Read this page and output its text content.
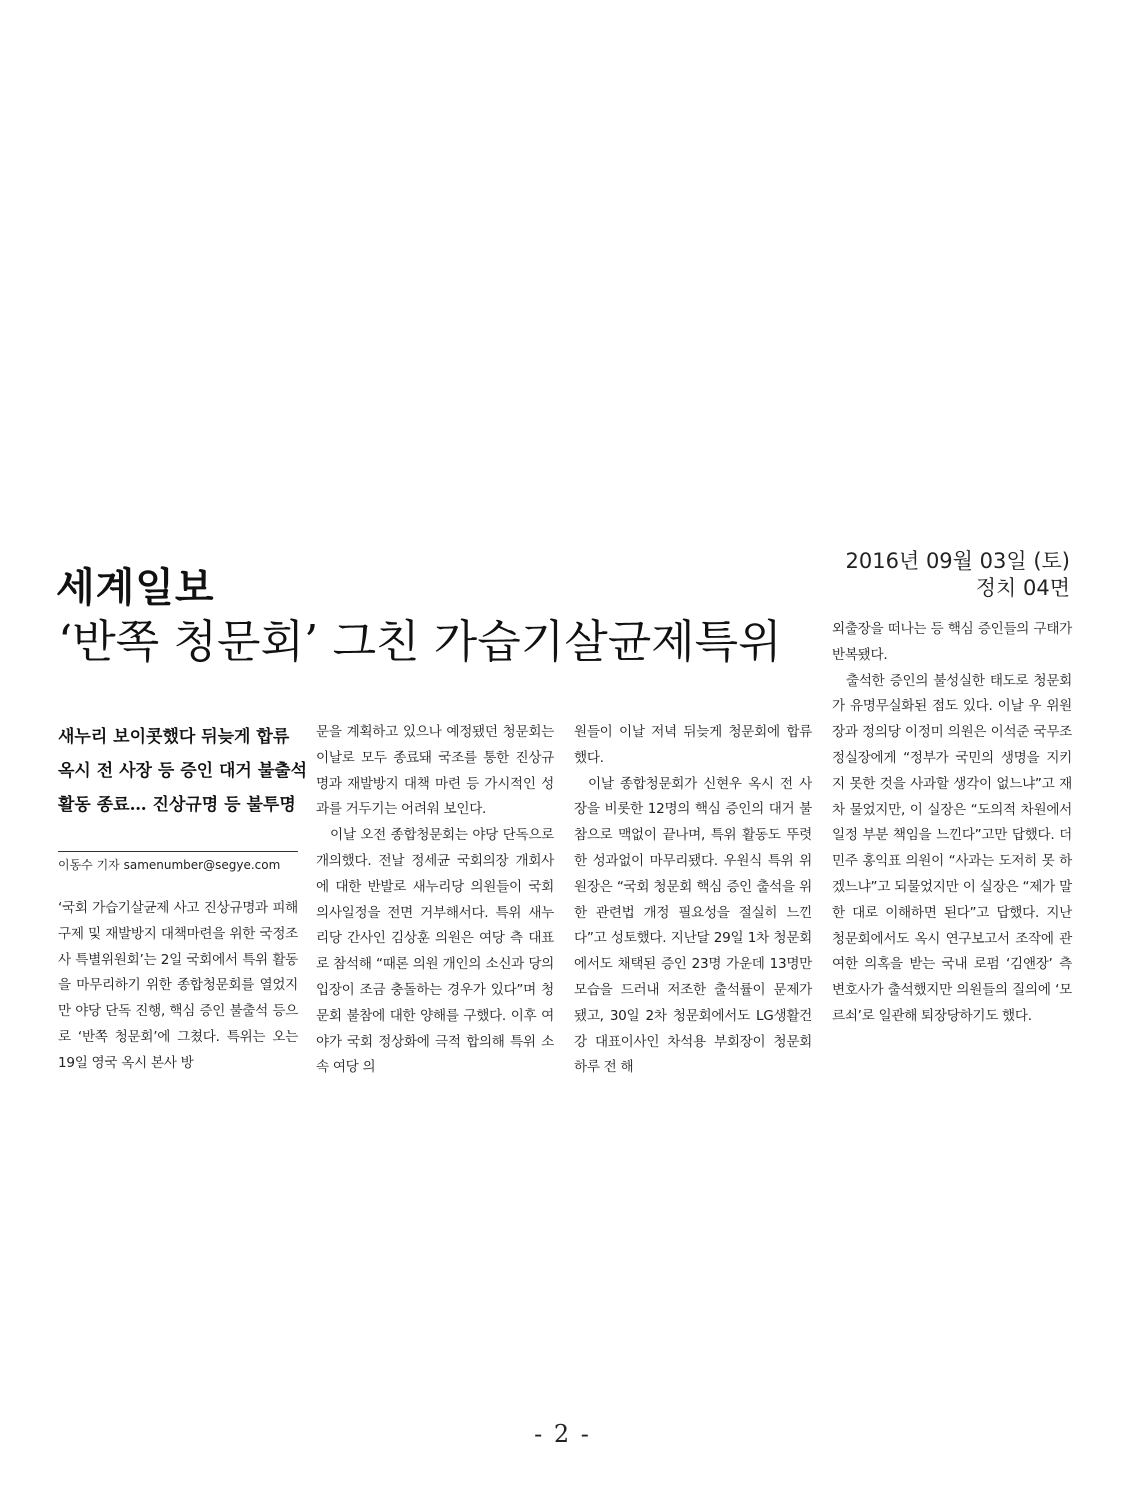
세계일보
2016년 09월 03일 (토)
정치 04면
‘반쪽 청문회’ 그친 가습기살균제특위
새누리 보이콧했다 뒤늦게 합류
옥시 전 사장 등 증인 대거 불출석
활동 종료… 진상규명 등 불투명
이동수 기자 samenumber@segye.com

‘국회 가습기살균제 사고 진상규명과 피해구제 및 재발방지 대책마련을 위한 국정조사 특별위원회’는 2일 국회에서 특위 활동을 마무리하기 위한 종합청문회를 열었지만 야당 단독 진행, 핵심 증인 불출석 등으로 ‘반쪽 청문회’에 그쳤다. 특위는 오는 19일 영국 옥시 본사 방

문을 계획하고 있으나 예정됐던 청문회는 이날로 모두 종료돼 국조를 통한 진상규명과 재발방지 대책 마련 등 가시적인 성과를 거두기는 어려워 보인다.

이날 오전 종합청문회는 야당 단독으로 개의했다. 전날 정세균 국회의장 개회사에 대한 반발로 새누리당 의원들이 국회 의사일정을 전면 거부해서다. 특위 새누리당 간사인 김상훈 의원은 여당 측 대표로 참석해 “때론 의원 개인의 소신과 당의 입장이 조금 충돌하는 경우가 있다”며 청문회 불참에 대한 양해를 구했다. 이후 여야가 국회 정상화에 극적 합의해 특위 소속 여당 의

원들이 이날 저녁 뒤늦게 청문회에 합류했다.

이날 종합청문회가 신현우 옥시 전 사장을 비롯한 12명의 핵심 증인의 대거 불참으로 맥없이 끝나며, 특위 활동도 뚜렷한 성과없이 마무리됐다. 우원식 특위 위원장은 “국회 청문회 핵심 증인 출석을 위한 관련법 개정 필요성을 절실히 느낀다”고 성토했다. 지난달 29일 1차 청문회에서도 채택된 증인 23명 가운데 13명만 모습을 드러내 저조한 출석률이 문제가 됐고, 30일 2차 청문회에서도 LG생활건강 대표이사인 차석용 부회장이 청문회 하루 전 해

외출장을 떠나는 등 핵심 증인들의 구태가 반복됐다.

출석한 증인의 불성실한 태도로 청문회가 유명무실화된 점도 있다. 이날 우 위원장과 정의당 이정미 의원은 이석준 국무조정실장에게 “정부가 국민의 생명을 지키지 못한 것을 사과할 생각이 없느냐”고 재차 물었지만, 이 실장은 “도의적 차원에서 일정 부분 책임을 느낀다”고만 답했다. 더민주 홍익표 의원이 “사과는 도저히 못 하겠느냐”고 되물었지만 이 실장은 “제가 말한 대로 이해하면 된다”고 답했다. 지난 청문회에서도 옥시 연구보고서 조작에 관여한 의혹을 받는 국내 로펌 ‘김앤장’ 측 변호사가 출석했지만 의원들의 질의에 ‘모르쇠’로 일관해 퇴장당하기도 했다.

- 2 -
